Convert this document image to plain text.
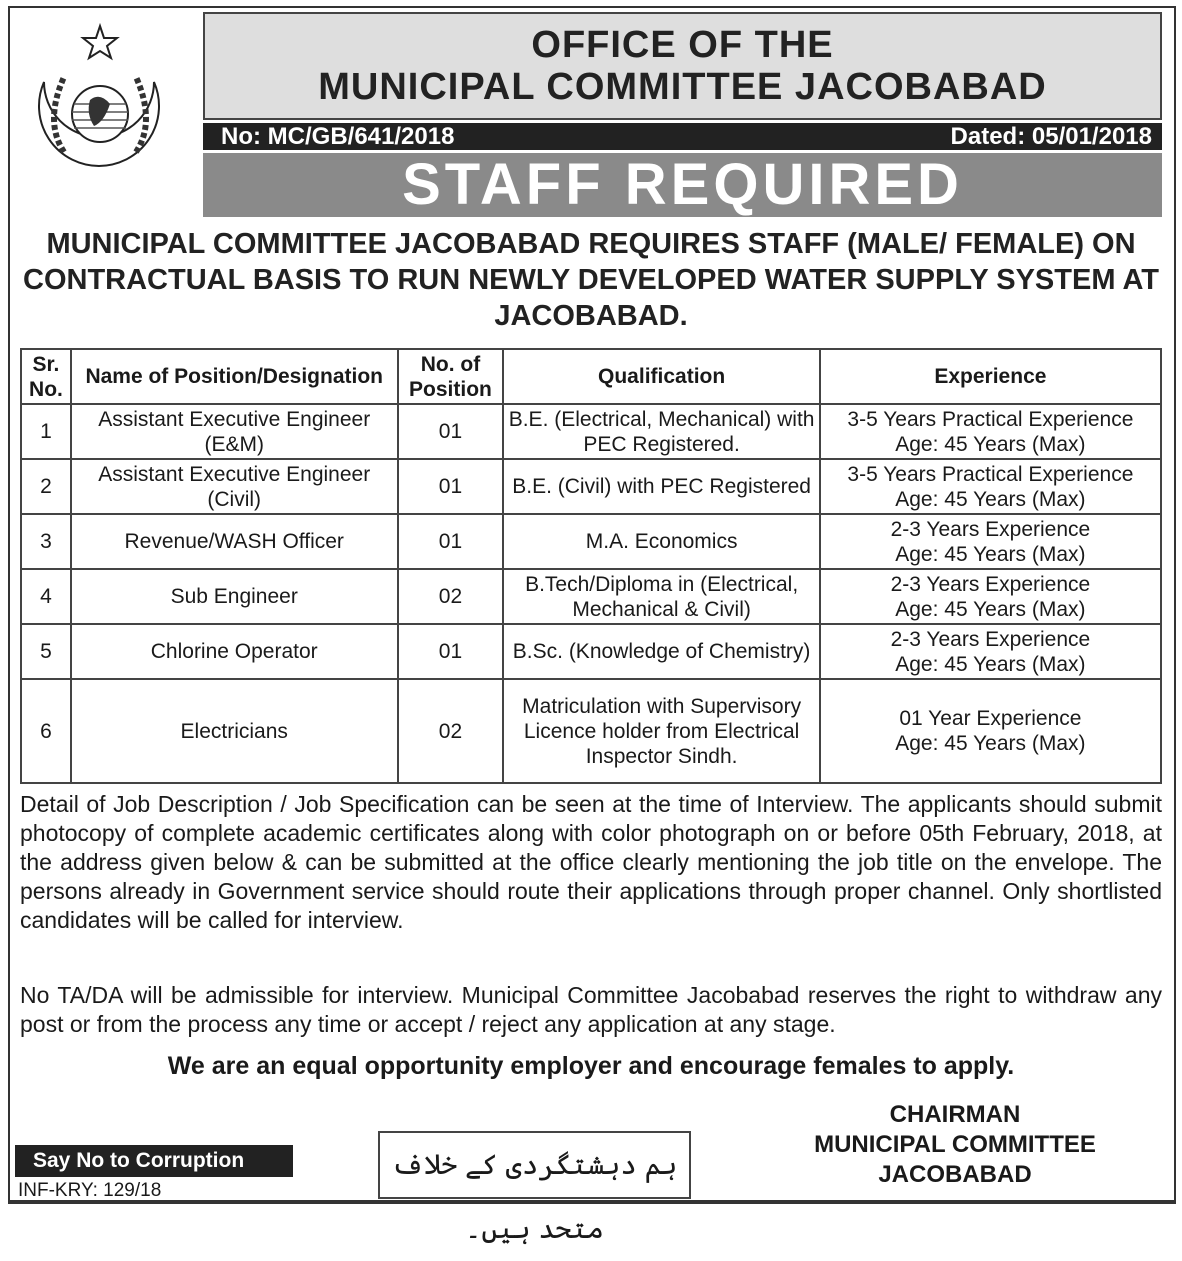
OFFICE OF THE
MUNICIPAL COMMITTEE JACOBABAD
No: MC/GB/641/2018	Dated: 05/01/2018
STAFF REQUIRED
MUNICIPAL COMMITTEE JACOBABAD REQUIRES STAFF (MALE/ FEMALE) ON CONTRACTUAL BASIS TO RUN NEWLY DEVELOPED WATER SUPPLY SYSTEM AT JACOBABAD.
Sr. No.	Name of Position/Designation	No. of Position	Qualification	Experience
1	Assistant Executive Engineer (E&M)	01	B.E. (Electrical, Mechanical) with PEC Registered.	3-5 Years Practical Experience
Age: 45 Years (Max)

2	Assistant Executive Engineer (Civil)	01	B.E. (Civil) with PEC Registered	3-5 Years Practical Experience
Age: 45 Years (Max)

3	Revenue/WASH Officer	01	M.A. Economics	2-3 Years Experience
Age: 45 Years (Max)

4	Sub Engineer	02	B.Tech/Diploma in (Electrical, Mechanical & Civil)	2-3 Years Experience
Age: 45 Years (Max)

5	Chlorine Operator	01	B.Sc. (Knowledge of Chemistry)	2-3 Years Experience
Age: 45 Years (Max)

6	Electricians	02	Matriculation with Supervisory Licence holder from Electrical Inspector Sindh.	01 Year Experience
Age: 45 Years (Max)
Detail of Job Description / Job Specification can be seen at the time of Interview. The applicants should submit photocopy of complete academic certificates along with color photograph on or before 05th February, 2018, at the address given below & can be submitted at the office clearly mentioning the job title on the envelope. The persons already in Government service should route their applications through proper channel. Only shortlisted candidates will be called for interview.
No TA/DA will be admissible for interview. Municipal Committee Jacobabad reserves the right to withdraw any post or from the process any time or accept / reject any application at any stage.
We are an equal opportunity employer and encourage females to apply.
CHAIRMAN
MUNICIPAL COMMITTEE
JACOBABAD
Say No to Corruption
INF-KRY: 129/18
ہم دہشتگردی کے خلاف متحد ہیں۔
